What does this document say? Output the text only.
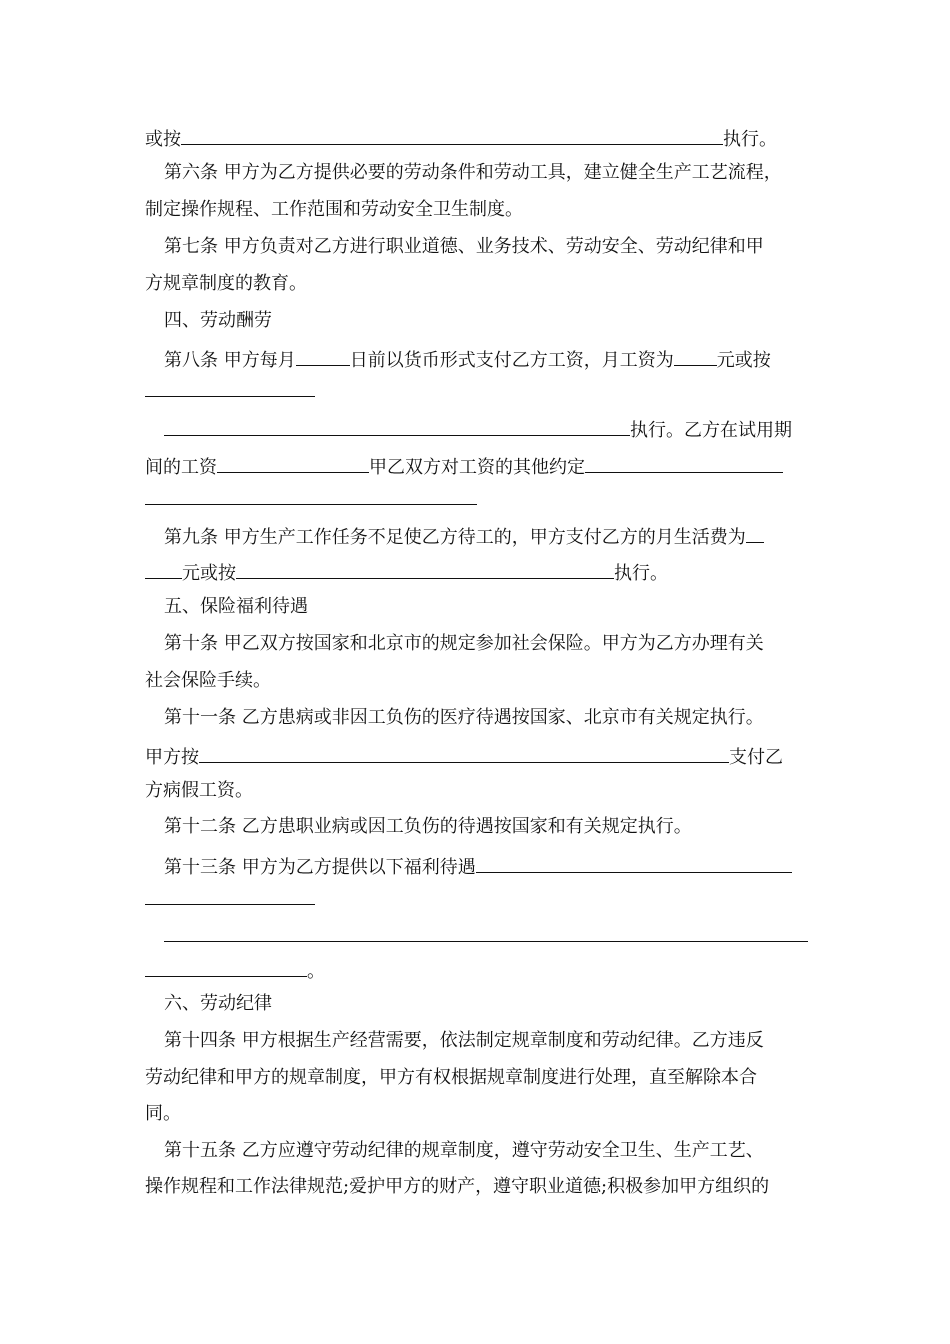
或按	执行。
第六条 甲方为乙方提供必要的劳动条件和劳动工具，建立健全生产工艺流程，
制定操作规程、工作范围和劳动安全卫生制度。
第七条 甲方负责对乙方进行职业道德、业务技术、劳动安全、劳动纪律和甲
方规章制度的教育。
四、劳动酬劳
第八条 甲方每月	日前以货币形式支付乙方工资，月工资为 元或按
执行。乙方在试用期
间的工资	甲乙双方对工资的其他约定
第九条 甲方生产工作任务不足使乙方待工的，甲方支付乙方的月生活费为
元或按	执行。
五、保险福利待遇
第十条 甲乙双方按国家和北京市的规定参加社会保险。甲方为乙方办理有关
社会保险手续。
第十一条 乙方患病或非因工负伤的医疗待遇按国家、北京市有关规定执行。
甲方按	支付乙
方病假工资。
第十二条 乙方患职业病或因工负伤的待遇按国家和有关规定执行。
第十三条 甲方为乙方提供以下福利待遇
。
六、劳动纪律
第十四条 甲方根据生产经营需要，依法制定规章制度和劳动纪律。乙方违反
劳动纪律和甲方的规章制度，甲方有权根据规章制度进行处理，直至解除本合
同。
第十五条 乙方应遵守劳动纪律的规章制度，遵守劳动安全卫生、生产工艺、
操作规程和工作法律规范;爱护甲方的财产，遵守职业道德;积极参加甲方组织的
